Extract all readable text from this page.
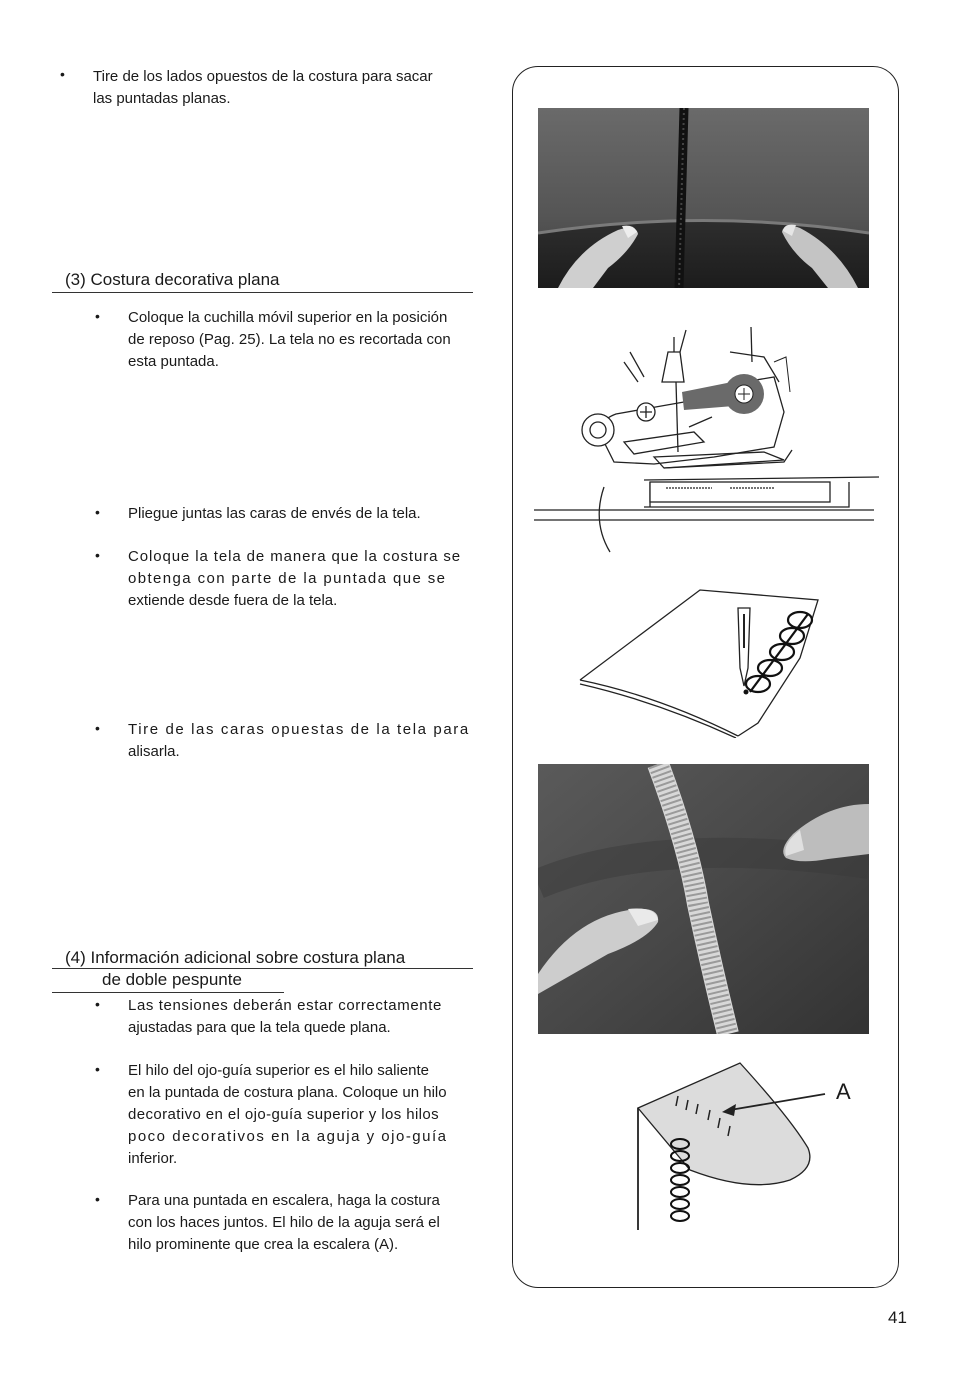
• Tire de los lados opuestos de la costura para sacar
las puntadas planas.
(3) Costura decorativa plana
• Coloque la cuchilla móvil superior en la posición
de reposo (Pag. 25). La tela no es recortada con
esta puntada.
• Pliegue juntas las caras de envés de la tela.
• Coloque la tela de manera que la costura se
obtenga con parte de la puntada que se
extiende desde fuera de la tela.
• Tire de las caras opuestas de la tela para
alisarla.
(4) Información adicional sobre costura plana
de doble pespunte
• Las tensiones deberán estar correctamente
ajustadas para que la tela quede plana.
• El hilo del ojo-guía superior es el hilo saliente
en la puntada de costura plana. Coloque un hilo
decorativo en el ojo-guía superior y los hilos
poco decorativos en la aguja y ojo-guía
inferior.
• Para una puntada en escalera, haga la costura
con los haces juntos. El hilo de la aguja será el
hilo prominente que crea la escalera (A).
A
41
